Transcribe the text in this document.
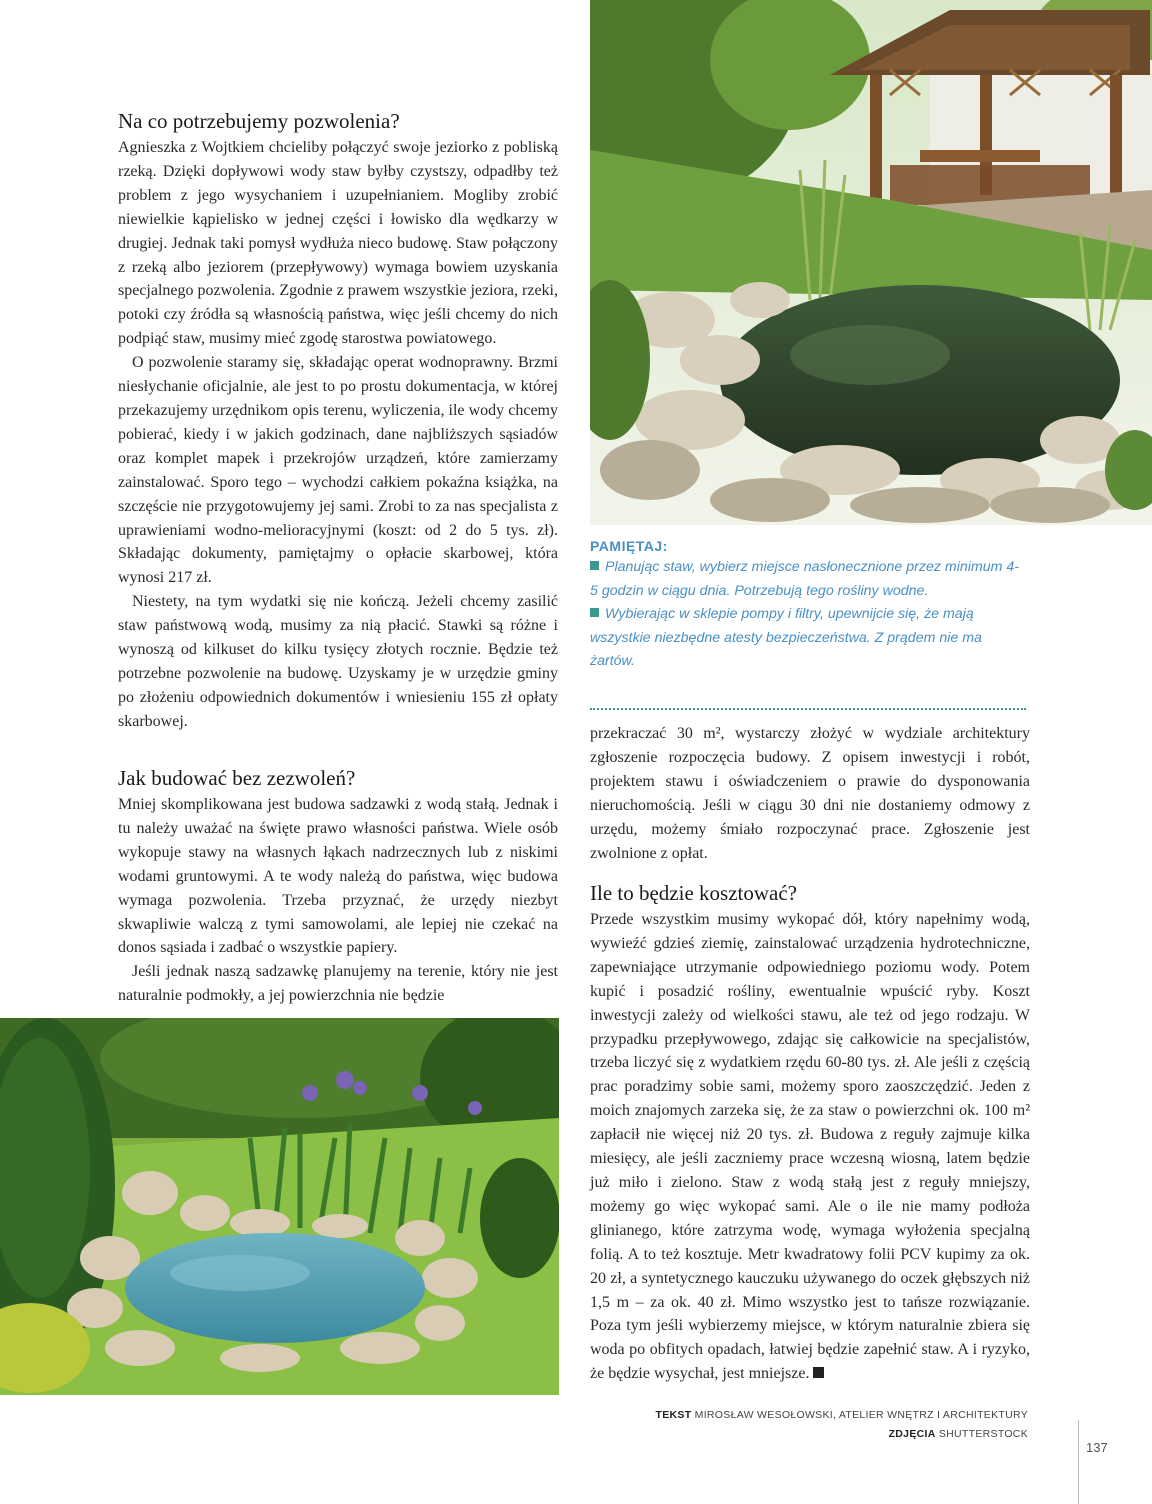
Na co potrzebujemy pozwolenia?

Agnieszka z Wojtkiem chcieliby połączyć swoje jeziorko z pobliską rzeką. Dzięki dopływowi wody staw byłby czystszy, odpadłby też problem z jego wysychaniem i uzupełnianiem. Mogliby zrobić niewielkie kąpielisko w jednej części i łowisko dla wędkarzy w drugiej. Jednak taki pomysł wydłuża nieco budowę. Staw połączony z rzeką albo jeziorem (przepływowy) wymaga bowiem uzyskania specjalnego pozwolenia. Zgodnie z prawem wszystkie jeziora, rzeki, potoki czy źródła są własnością państwa, więc jeśli chcemy do nich podpiąć staw, musimy mieć zgodę starostwa powiatowego.

O pozwolenie staramy się, składając operat wodnoprawny. Brzmi niesłychanie oficjalnie, ale jest to po prostu dokumentacja, w której przekazujemy urzędnikom opis terenu, wyliczenia, ile wody chcemy pobierać, kiedy i w jakich godzinach, dane najbliższych sąsiadów oraz komplet mapek i przekrojów urządzeń, które zamierzamy zainstalować. Sporo tego – wychodzi całkiem pokaźna książka, na szczęście nie przygotowujemy jej sami. Zrobi to za nas specjalista z uprawieniami wodno-melioracyjnymi (koszt: od 2 do 5 tys. zł). Składając dokumenty, pamiętajmy o opłacie skarbowej, która wynosi 217 zł.

Niestety, na tym wydatki się nie kończą. Jeżeli chcemy zasilić staw państwową wodą, musimy za nią płacić. Stawki są różne i wynoszą od kilkuset do kilku tysięcy złotych rocznie. Będzie też potrzebne pozwolenie na budowę. Uzyskamy je w urzędzie gminy po złożeniu odpowiednich dokumentów i wniesieniu 155 zł opłaty skarbowej.

Jak budować bez zezwoleń?

Mniej skomplikowana jest budowa sadzawki z wodą stałą. Jednak i tu należy uważać na święte prawo własności państwa. Wiele osób wykopuje stawy na własnych łąkach nadrzecznych lub z niskimi wodami gruntowymi. A te wody należą do państwa, więc budowa wymaga pozwolenia. Trzeba przyznać, że urzędy niezbyt skwapliwie walczą z tymi samowolami, ale lepiej nie czekać na donos sąsiada i zadbać o wszystkie papiery.

Jeśli jednak naszą sadzawkę planujemy na terenie, który nie jest naturalnie podmokły, a jej powierzchnia nie będzie

PAMIĘTAJ:

Planując staw, wybierz miejsce nasłonecznione przez minimum 4-5 godzin w ciągu dnia. Potrzebują tego rośliny wodne.

Wybierając w sklepie pompy i filtry, upewnijcie się, że mają wszystkie niezbędne atesty bezpieczeństwa. Z prądem nie ma żartów.

przekraczać 30 m², wystarczy złożyć w wydziale architektury zgłoszenie rozpoczęcia budowy. Z opisem inwestycji i robót, projektem stawu i oświadczeniem o prawie do dysponowania nieruchomością. Jeśli w ciągu 30 dni nie dostaniemy odmowy z urzędu, możemy śmiało rozpoczynać prace. Zgłoszenie jest zwolnione z opłat.

Ile to będzie kosztować?

Przede wszystkim musimy wykopać dół, który napełnimy wodą, wywieźć gdzieś ziemię, zainstalować urządzenia hydrotechniczne, zapewniające utrzymanie odpowiedniego poziomu wody. Potem kupić i posadzić rośliny, ewentualnie wpuścić ryby. Koszt inwestycji zależy od wielkości stawu, ale też od jego rodzaju. W przypadku przepływowego, zdając się całkowicie na specjalistów, trzeba liczyć się z wydatkiem rzędu 60-80 tys. zł. Ale jeśli z częścią prac poradzimy sobie sami, możemy sporo zaoszczędzić. Jeden z moich znajomych zarzeka się, że za staw o powierzchni ok. 100 m² zapłacił nie więcej niż 20 tys. zł. Budowa z reguły zajmuje kilka miesięcy, ale jeśli zaczniemy prace wczesną wiosną, latem będzie już miło i zielono. Staw z wodą stałą jest z reguły mniejszy, możemy go więc wykopać sami. Ale o ile nie mamy podłoża glinianego, które zatrzyma wodę, wymaga wyłożenia specjalną folią. A to też kosztuje. Metr kwadratowy folii PCV kupimy za ok. 20 zł, a syntetycznego kauczuku używanego do oczek głębszych niż 1,5 m – za ok. 40 zł. Mimo wszystko jest to tańsze rozwiązanie. Poza tym jeśli wybierzemy miejsce, w którym naturalnie zbiera się woda po obfitych opadach, łatwiej będzie zapełnić staw. A i ryzyko, że będzie wysychał, jest mniejsze.

TEKST MIROSŁAW WESOŁOWSKI, ATELIER WNĘTRZ I ARCHITEKTURY
ZDJĘCIA SHUTTERSTOCK
137
